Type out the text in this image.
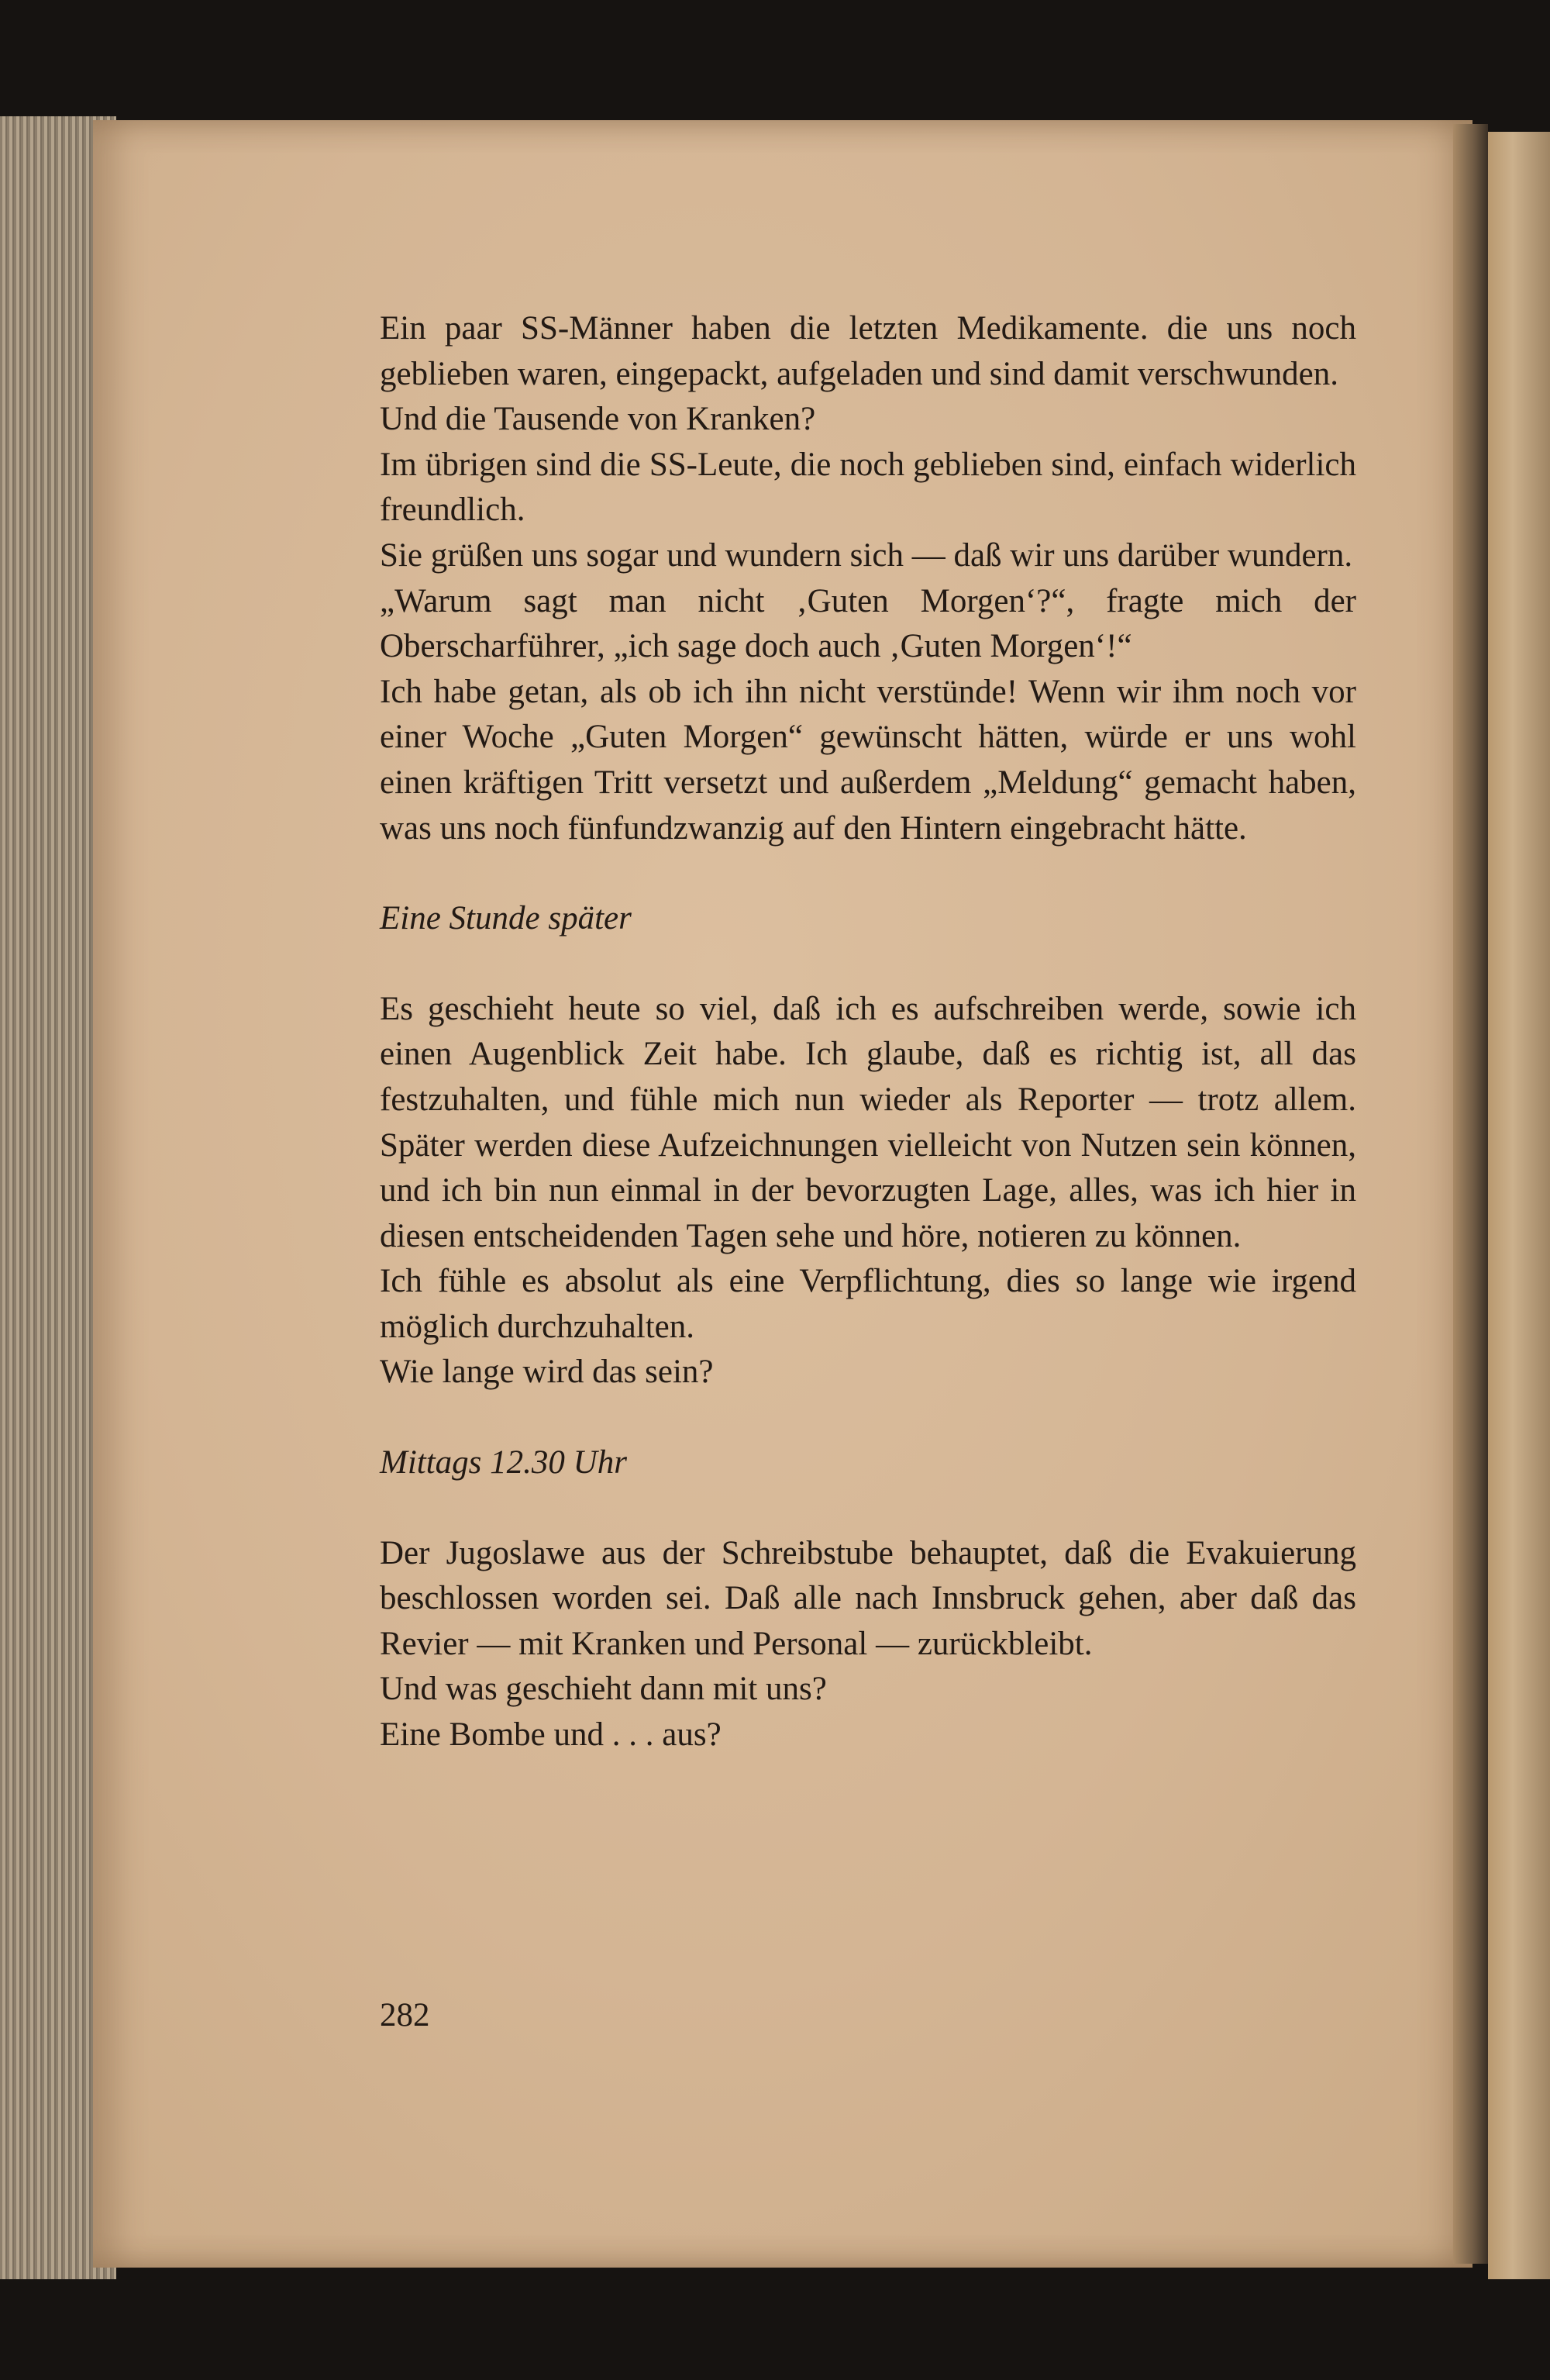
Ein paar SS-Männer haben die letzten Medikamente. die uns noch geblieben waren, eingepackt, aufgeladen und sind damit verschwunden.

Und die Tausende von Kranken?

Im übrigen sind die SS-Leute, die noch geblieben sind, einfach widerlich freundlich.

Sie grüßen uns sogar und wundern sich — daß wir uns darüber wundern.

„Warum sagt man nicht ‚Guten Morgen‘?“, fragte mich der Oberscharführer, „ich sage doch auch ‚Guten Morgen‘!“

Ich habe getan, als ob ich ihn nicht verstünde! Wenn wir ihm noch vor einer Woche „Guten Morgen“ gewünscht hätten, würde er uns wohl einen kräftigen Tritt versetzt und außerdem „Meldung“ gemacht haben, was uns noch fünfundzwanzig auf den Hintern eingebracht hätte.

Eine Stunde später

Es geschieht heute so viel, daß ich es aufschreiben werde, sowie ich einen Augenblick Zeit habe. Ich glaube, daß es richtig ist, all das festzuhalten, und fühle mich nun wieder als Reporter — trotz allem. Später werden diese Aufzeichnungen vielleicht von Nutzen sein können, und ich bin nun einmal in der bevorzugten Lage, alles, was ich hier in diesen entscheidenden Tagen sehe und höre, notieren zu können.

Ich fühle es absolut als eine Verpflichtung, dies so lange wie irgend möglich durchzuhalten.

Wie lange wird das sein?

Mittags 12.30 Uhr

Der Jugoslawe aus der Schreibstube behauptet, daß die Evakuierung beschlossen worden sei. Daß alle nach Innsbruck gehen, aber daß das Revier — mit Kranken und Personal — zurückbleibt.

Und was geschieht dann mit uns?

Eine Bombe und . . . aus?

282
